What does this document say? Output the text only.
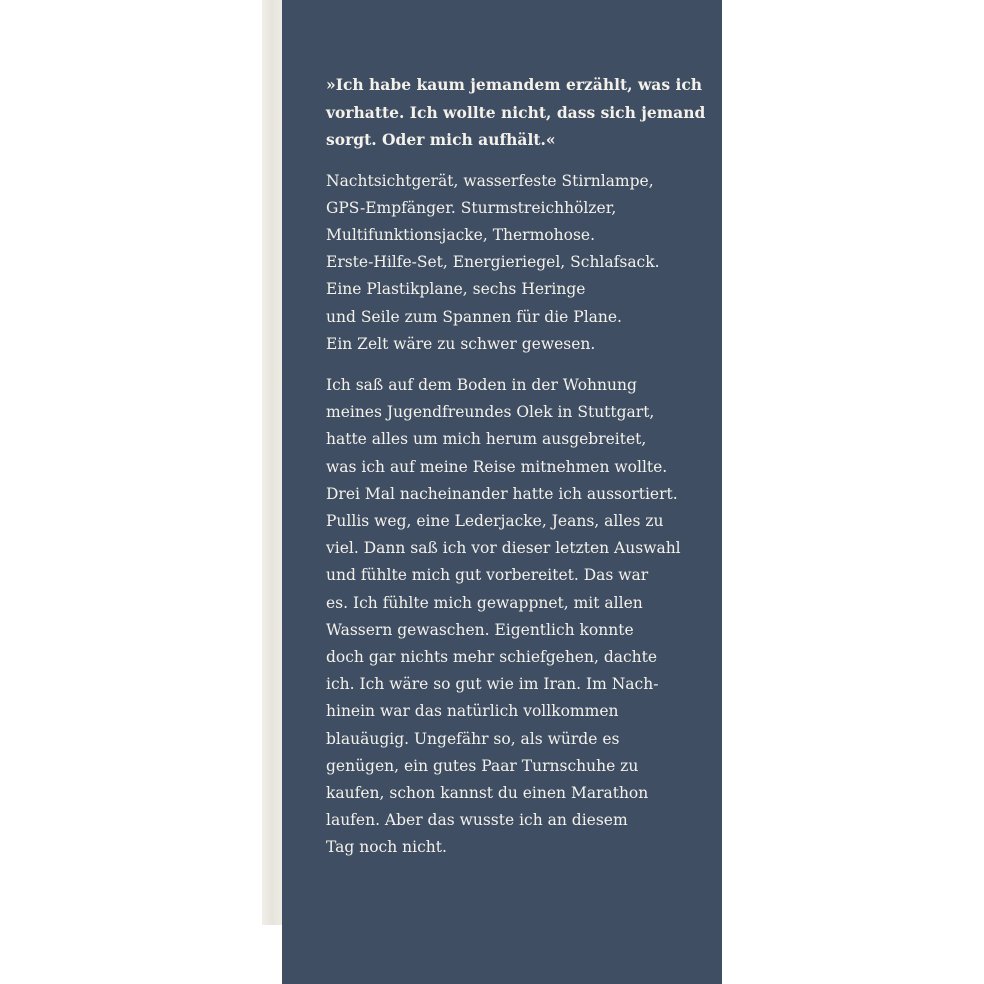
»Ich habe kaum jemandem erzählt, was ich
vorhatte. Ich wollte nicht, dass sich jemand
sorgt. Oder mich aufhält.«

Nachtsichtgerät, wasserfeste Stirnlampe,
GPS-Empfänger. Sturmstreichhölzer,
Multifunktionsjacke, Thermohose.
Erste-Hilfe-Set, Energieriegel, Schlafsack.
Eine Plastikplane, sechs Heringe
und Seile zum Spannen für die Plane.
Ein Zelt wäre zu schwer gewesen.

Ich saß auf dem Boden in der Wohnung
meines Jugendfreundes Olek in Stuttgart,
hatte alles um mich herum ausgebreitet,
was ich auf meine Reise mitnehmen wollte.
Drei Mal nacheinander hatte ich aussortiert.
Pullis weg, eine Lederjacke, Jeans, alles zu
viel. Dann saß ich vor dieser letzten Auswahl
und fühlte mich gut vorbereitet. Das war
es. Ich fühlte mich gewappnet, mit allen
Wassern gewaschen. Eigentlich konnte
doch gar nichts mehr schiefgehen, dachte
ich. Ich wäre so gut wie im Iran. Im Nach-
hinein war das natürlich vollkommen
blauäugig. Ungefähr so, als würde es
genügen, ein gutes Paar Turnschuhe zu
kaufen, schon kannst du einen Marathon
laufen. Aber das wusste ich an diesem
Tag noch nicht.
